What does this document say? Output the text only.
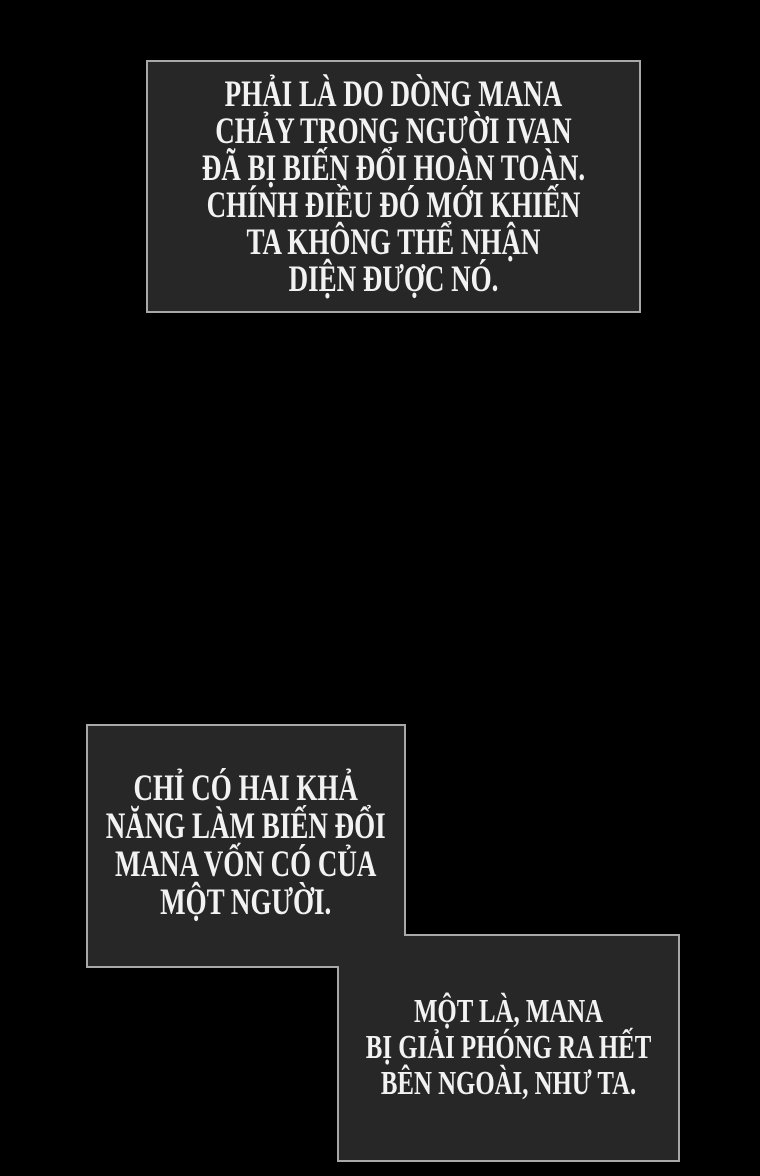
PHẢI LÀ DO DÒNG MANA
CHẢY TRONG NGƯỜI IVAN
ĐÃ BỊ BIẾN ĐỔI HOÀN TOÀN.
CHÍNH ĐIỀU ĐÓ MỚI KHIẾN
TA KHÔNG THỂ NHẬN
DIỆN ĐƯỢC NÓ.
MỘT LÀ, MANA
BỊ GIẢI PHÓNG RA HẾT
BÊN NGOÀI, NHƯ TA.
CHỈ CÓ HAI KHẢ
NĂNG LÀM BIẾN ĐỔI
MANA VỐN CÓ CỦA
MỘT NGƯỜI.
